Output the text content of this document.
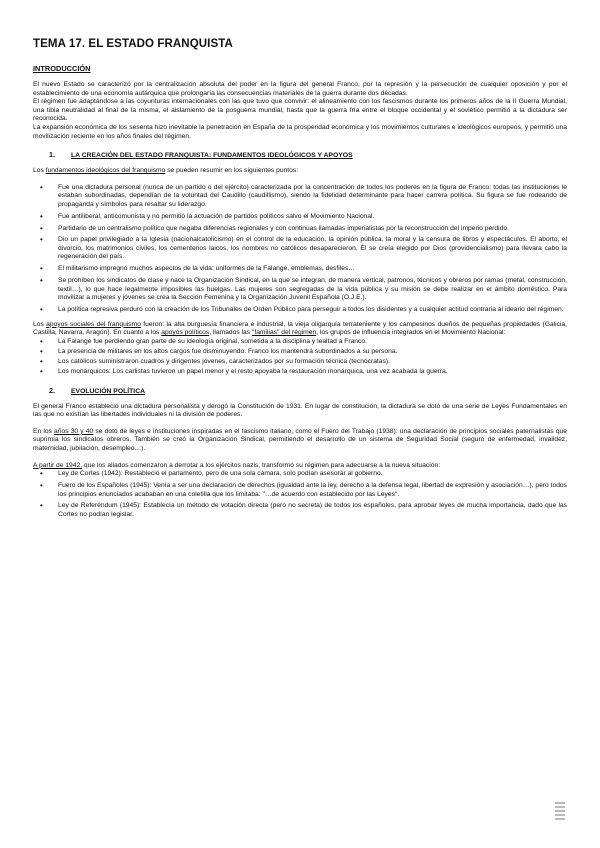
TEMA 17. EL ESTADO FRANQUISTA
INTRODUCCIÓN

El nuevo Estado se caracterizó por la centralización absoluta del poder en la figura del general Franco, por la represión y la persecución de cualquier oposición y por el establecimiento de una economía autárquica que prolongaría las consecuencias materiales de la guerra durante dos décadas.

El régimen fue adaptándose a las coyunturas internacionales con las que tuvo que convivir: el alineamiento con los fascismos durante los primeros años de la II Guerra Mundial, una tibia neutralidad al final de la misma, el aislamiento de la posguerra mundial, hasta que la guerra fría entre el bloque occidental y el soviético permitió a la dictadura ser reconocida.

La expansión económica de los sesenta hizo inevitable la penetración en España de la prosperidad económica y los movimientos culturales e ideológicos europeos, y permitió una movilización reciente en los años finales del régimen.

1.	LA CREACIÓN DEL ESTADO FRANQUISTA: FUNDAMENTOS IDEOLÓGICOS Y APOYOS

Los fundamentos ideológicos del franquismo se pueden resumir en los siguientes puntos:

• Fue una dictadura personal (nunca de un partido o del ejército) caracterizada por la concentración de todos los poderes en la figura de Franco: todas las instituciones le estaban subordinadas, dependían de la voluntad del Caudillo (caudillismo), siendo la fidelidad determinante para hacer carrera política. Su figura se fue rodeando de propaganda y símbolos para resaltar su liderazgo.
• Fue antiliberal, anticomunista y no permitió la actuación de partidos políticos salvo el Movimiento Nacional.
• Partidario de un centralismo político que negaba diferencias regionales y con continuas llamadas imperialistas por la reconstrucción del imperio perdido.
• Dio un papel privilegiado a la Iglesia (nacionalcatolicismo) en el control de la educación, la opinión pública, la moral y la censura de libros y espectáculos. El aborto, el divorcio, los matrimonios civiles, los cementerios laicos, los nombres no católicos desaparecieron. Él se creía elegido por Dios (providencialismo) para llevara cabo la regeneración del país.
• El militarismo impregnó muchos aspectos de la vida: uniformes de la Falange, emblemas, desfiles…
• Se prohíben los sindicatos de clase y nace la Organización Sindical, en la que se integran, de manera vertical, patronos, técnicos y obreros por ramas (metal, construcción, textil…), lo que hace legalmente imposibles las huelgas. Las mujeres son segregadas de la vida pública y su misión se debe realizar en el ámbito doméstico. Para movilizar a mujeres y jóvenes se crea la Sección Femenina y la Organización Juvenil Española (O.J.E.).
• La política represiva perduró con la creación de los Tribunales de Orden Público para perseguir a todos los disidentes y a cualquier actitud contraria al ideario del régimen.

Los apoyos sociales del franquismo fueron: la alta burguesía financiera e industrial, la vieja oligarquía terrateniente y los campesinos dueños de pequeñas propiedades (Galicia, Castilla, Navarra, Aragón). En cuanto a los apoyos políticos, llamados las "familias" del régimen, los grupos de influencia integrados en el Movimiento Nacional:

• La Falange fue perdiendo gran parte de su ideología original, sometida a la disciplina y lealtad a Franco.
• La presencia de militares en los altos cargos fue disminuyendo. Franco los mantendrá subordinados a su persona.
• Los católicos suministraron cuadros y dirigentes jóvenes, caracterizados por su formación técnica (tecnócratas).
• Los monárquicos: Los carlistas tuvieron un papel menor y el resto apoyaba la restauración monárquica, una vez acabada la guerra.
2.	EVOLUCIÓN POLÍTICA

El general Franco estableció una dictadura personalista y derogó la Constitución de 1931. En lugar de constitución, la dictadura se dotó de una serie de Leyes Fundamentales en las que no existían las libertades individuales ni la división de poderes.

En los años 30 y 40 se dotó de leyes e instituciones inspiradas en el fascismo italiano, como el Fuero del Trabajo (1938): una declaración de principios sociales paternalistas que suprimía los sindicatos obreros. También se creó la Organización Sindical, permitiendo el desarrollo de un sistema de Seguridad Social (seguro de enfermedad, invalidez, maternidad, jubilación, desempleo…).

A partir de 1942, que los aliados comenzaron a derrotar a los ejércitos nazis, transformó su régimen para adecuarse a la nueva situación:

• Ley de Cortes (1942): Restableció el parlamento, pero de una sola cámara, solo podían asesorar al gobierno.
• Fuero de los Españoles (1945): Venía a ser una declaración de derechos (igualdad ante la ley, derecho a la defensa legal, libertad de expresión y asociación…), pero todos los principios enunciados acababan en una coletilla que los limitaba: "…de acuerdo con establecido por las Leyes".
• Ley de Referéndum (1945): Establecía un método de votación directa (pero no secreta) de todos los españoles, para aprobar leyes de mucha importancia, dado que las Cortes no podían legislar.
